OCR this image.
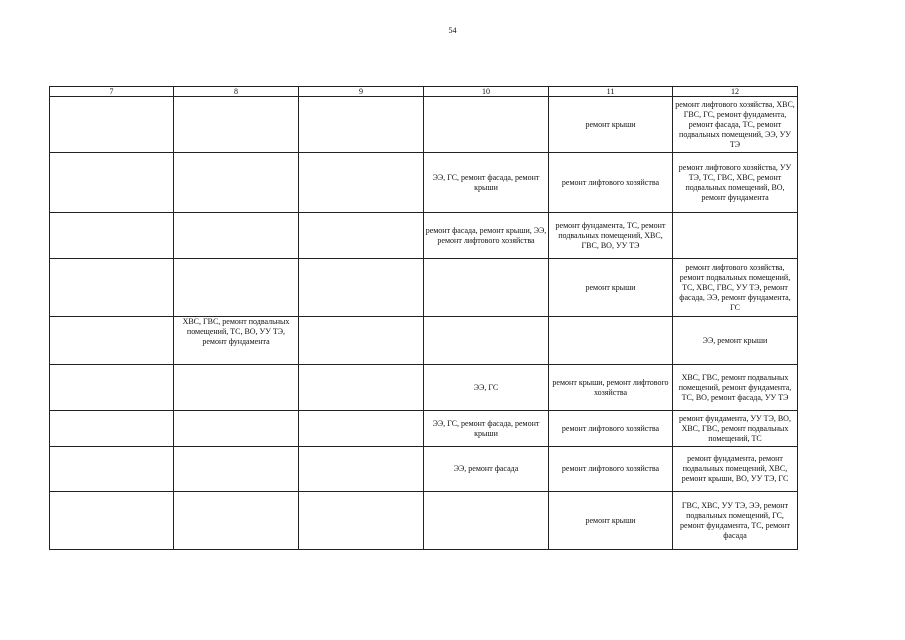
54
7	8	9	10	11	12
				ремонт крыши	ремонт лифтового хозяйства, ХВС, ГВС, ГС, ремонт фундамента, ремонт фасада, ТС, ремонт подвальных помещений, ЭЭ, УУ ТЭ
			ЭЭ, ГС, ремонт фасада, ремонт крыши	ремонт лифтового хозяйства	ремонт лифтового хозяйства, УУ ТЭ, ТС, ГВС, ХВС, ремонт подвальных помещений, ВО, ремонт фундамента
			ремонт фасада, ремонт крыши, ЭЭ, ремонт лифтового хозяйства	ремонт фундамента, ТС, ремонт подвальных помещений, ХВС, ГВС, ВО, УУ ТЭ	
				ремонт крыши	ремонт лифтового хозяйства, ремонт подвальных помещений, ТС, ХВС, ГВС, УУ ТЭ, ремонт фасада, ЭЭ, ремонт фундамента, ГС
	ХВС, ГВС, ремонт подвальных помещений, ТС, ВО, УУ ТЭ, ремонт фундамента				ЭЭ, ремонт крыши
			ЭЭ, ГС	ремонт крыши, ремонт лифтового хозяйства	ХВС, ГВС, ремонт подвальных помещений, ремонт фундамента, ТС, ВО, ремонт фасада, УУ ТЭ
			ЭЭ, ГС, ремонт фасада, ремонт крыши	ремонт лифтового хозяйства	ремонт фундамента, УУ ТЭ, ВО, ХВС, ГВС, ремонт подвальных помещений, ТС
			ЭЭ, ремонт фасада	ремонт лифтового хозяйства	ремонт фундамента, ремонт подвальных помещений, ХВС, ремонт крыши, ВО, УУ ТЭ, ГС
				ремонт крыши	ГВС, ХВС, УУ ТЭ, ЭЭ, ремонт подвальных помещений, ГС, ремонт фундамента, ТС, ремонт фасада
